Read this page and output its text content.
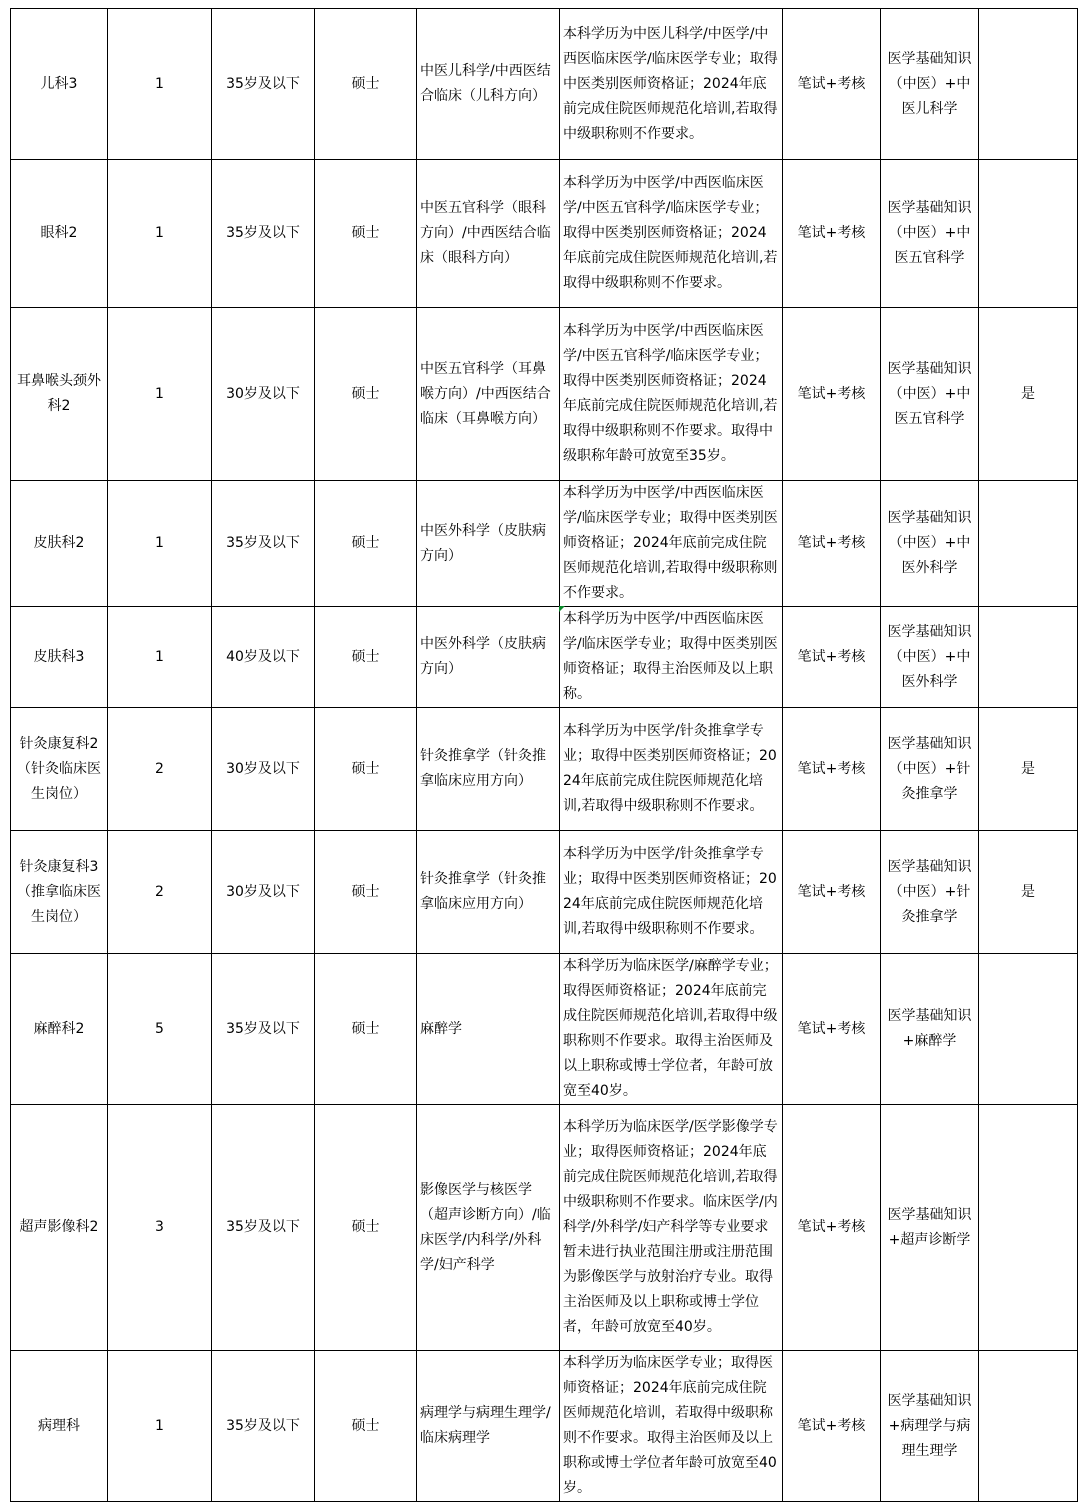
儿科3	1	35岁及以下	硕士	中医儿科学/中西医结合临床（儿科方向）	本科学历为中医儿科学/中医学/中西医临床医学/临床医学专业；取得中医类别医师资格证；2024年底前完成住院医师规范化培训,若取得中级职称则不作要求。	笔试+考核	医学基础知识（中医）+中医儿科学	
眼科2	1	35岁及以下	硕士	中医五官科学（眼科方向）/中西医结合临床（眼科方向）	本科学历为中医学/中西医临床医学/中医五官科学/临床医学专业；取得中医类别医师资格证；2024年底前完成住院医师规范化培训,若取得中级职称则不作要求。	笔试+考核	医学基础知识（中医）+中医五官科学	
耳鼻喉头颈外科2	1	30岁及以下	硕士	中医五官科学（耳鼻喉方向）/中西医结合临床（耳鼻喉方向）	本科学历为中医学/中西医临床医学/中医五官科学/临床医学专业；取得中医类别医师资格证；2024年底前完成住院医师规范化培训,若取得中级职称则不作要求。取得中级职称年龄可放宽至35岁。	笔试+考核	医学基础知识（中医）+中医五官科学	是
皮肤科2	1	35岁及以下	硕士	中医外科学（皮肤病方向）	本科学历为中医学/中西医临床医学/临床医学专业；取得中医类别医师资格证；2024年底前完成住院医师规范化培训,若取得中级职称则不作要求。	笔试+考核	医学基础知识（中医）+中医外科学	
皮肤科3	1	40岁及以下	硕士	中医外科学（皮肤病方向）	本科学历为中医学/中西医临床医学/临床医学专业；取得中医类别医师资格证；取得主治医师及以上职称。	笔试+考核	医学基础知识（中医）+中医外科学	
针灸康复科2（针灸临床医生岗位）	2	30岁及以下	硕士	针灸推拿学（针灸推拿临床应用方向）	本科学历为中医学/针灸推拿学专业；取得中医类别医师资格证；2024年底前完成住院医师规范化培训,若取得中级职称则不作要求。	笔试+考核	医学基础知识（中医）+针灸推拿学	是
针灸康复科3（推拿临床医生岗位）	2	30岁及以下	硕士	针灸推拿学（针灸推拿临床应用方向）	本科学历为中医学/针灸推拿学专业；取得中医类别医师资格证；2024年底前完成住院医师规范化培训,若取得中级职称则不作要求。	笔试+考核	医学基础知识（中医）+针灸推拿学	是
麻醉科2	5	35岁及以下	硕士	麻醉学	本科学历为临床医学/麻醉学专业；取得医师资格证；2024年底前完成住院医师规范化培训,若取得中级职称则不作要求。取得主治医师及以上职称或博士学位者，年龄可放宽至40岁。	笔试+考核	医学基础知识+麻醉学	
超声影像科2	3	35岁及以下	硕士	影像医学与核医学（超声诊断方向）/临床医学/内科学/外科学/妇产科学	本科学历为临床医学/医学影像学专业；取得医师资格证；2024年底前完成住院医师规范化培训,若取得中级职称则不作要求。临床医学/内科学/外科学/妇产科学等专业要求暂未进行执业范围注册或注册范围为影像医学与放射治疗专业。取得主治医师及以上职称或博士学位者，年龄可放宽至40岁。	笔试+考核	医学基础知识+超声诊断学	
病理科	1	35岁及以下	硕士	病理学与病理生理学/临床病理学	本科学历为临床医学专业；取得医师资格证；2024年底前完成住院医师规范化培训，若取得中级职称则不作要求。取得主治医师及以上职称或博士学位者年龄可放宽至40岁。	笔试+考核	医学基础知识+病理学与病理生理学	
